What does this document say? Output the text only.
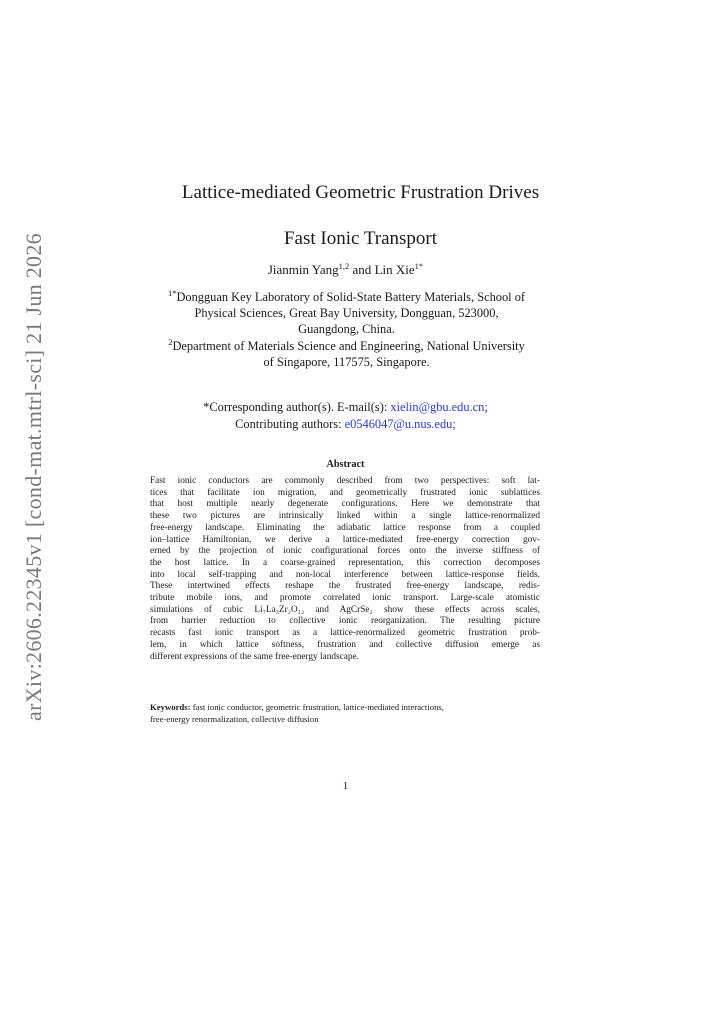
arXiv:2606.22345v1 [cond-mat.mtrl-sci] 21 Jun 2026
Lattice-mediated Geometric Frustration Drives
Fast Ionic Transport
Jianmin Yang$^{1,2}$ and Lin Xie$^{1*}$
$^{1*}$Dongguan Key Laboratory of Solid-State Battery Materials, School of
Physical Sciences, Great Bay University, Dongguan, 523000,
Guangdong, China.
$^2$Department of Materials Science and Engineering, National University
of Singapore, 117575, Singapore.
*Corresponding author(s). E-mail(s): xielin@gbu.edu.cn;
Contributing authors: e0546047@u.nus.edu;
Abstract
Fast ionic conductors are commonly described from two perspectives: soft lat-
tices that facilitate ion migration, and geometrically frustrated ionic sublattices
that host multiple nearly degenerate configurations. Here we demonstrate that
these two pictures are intrinsically linked within a single lattice-renormalized
free-energy landscape. Eliminating the adiabatic lattice response from a coupled
ion–lattice Hamiltonian, we derive a lattice-mediated free-energy correction gov-
erned by the projection of ionic configurational forces onto the inverse stiffness of
the host lattice. In a coarse-grained representation, this correction decomposes
into local self-trapping and non-local interference between lattice-response fields.
These intertwined effects reshape the frustrated free-energy landscape, redis-
tribute mobile ions, and promote correlated ionic transport. Large-scale atomistic
simulations of cubic Li₇La₃Zr₂O₁₂ and AgCrSe₂ show these effects across scales,
from barrier reduction to collective ionic reorganization. The resulting picture
recasts fast ionic transport as a lattice-renormalized geometric frustration prob-
lem, in which lattice softness, frustration and collective diffusion emerge as
different expressions of the same free-energy landscape.
Keywords: fast ionic conductor, geometric frustration, lattice-mediated interactions,
free-energy renormalization, collective diffusion
1
